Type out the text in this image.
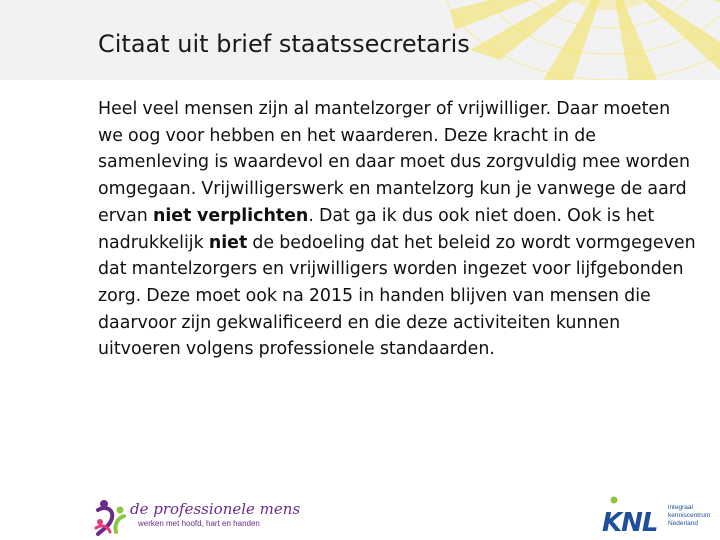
Citaat uit brief staatssecretaris
Heel veel mensen zijn al mantelzorger of vrijwilliger. Daar moeten we oog voor hebben en het waarderen. Deze kracht in de samenleving is waardevol en daar moet dus zorgvuldig mee worden omgegaan. Vrijwilligerswerk en mantelzorg kun je vanwege de aard ervan niet verplichten. Dat ga ik dus ook niet doen. Ook is het nadrukkelijk niet de bedoeling dat het beleid zo wordt vormgegeven dat mantelzorgers en vrijwilligers worden ingezet voor lijfgebonden zorg. Deze moet ook na 2015 in handen blijven van mensen die daarvoor zijn gekwalificeerd en die deze activiteiten kunnen uitvoeren volgens professionele standaarden.
de professionele mens
werken met hoofd, hart en handen	KNL
integraal
kenniscentrum
Nederland
